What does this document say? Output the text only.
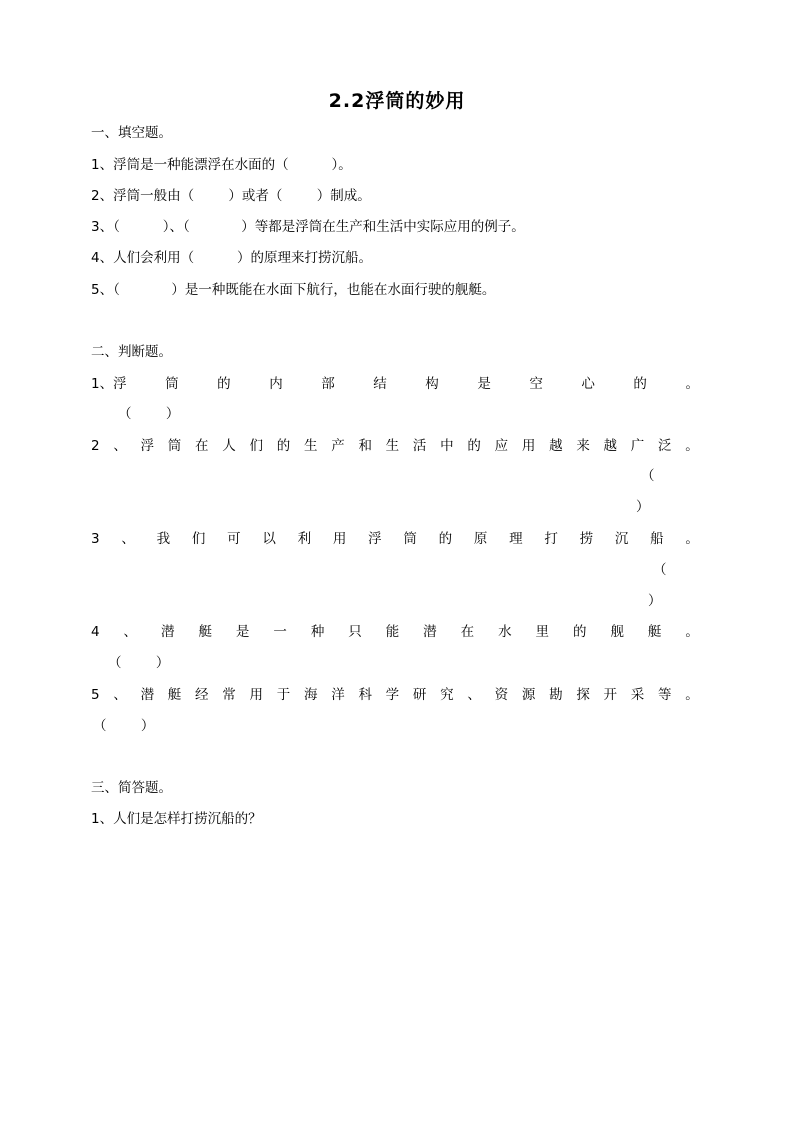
2.2浮筒的妙用
一、填空题。
1、浮筒是一种能漂浮在水面的（          ）。
2、浮筒一般由（        ）或者（        ）制成。
3、（          ）、（            ）等都是浮筒在生产和生活中实际应用的例子。
4、人们会利用（          ）的原理来打捞沉船。
5、（            ）是一种既能在水面下航行，也能在水面行驶的舰艇。
二、判断题。
1、浮	筒	的	内	部	结	构	是	空	心	的	。
（        ）
2 、 浮 筒 在 人 们 的 生 产 和 生 活 中 的 应 用 越 来 越 广 泛 。
（
）
3 、 我 们 可 以 利 用 浮 筒 的 原 理 打 捞 沉 船 。
（
）
4 、 潜 艇 是 一 种 只 能 潜 在 水 里 的 舰 艇 。
（        ）
5 、 潜 艇 经 常 用 于 海 洋 科 学 研 究 、 资 源 勘 探 开 采 等 。
（        ）
三、简答题。
1、人们是怎样打捞沉船的？
